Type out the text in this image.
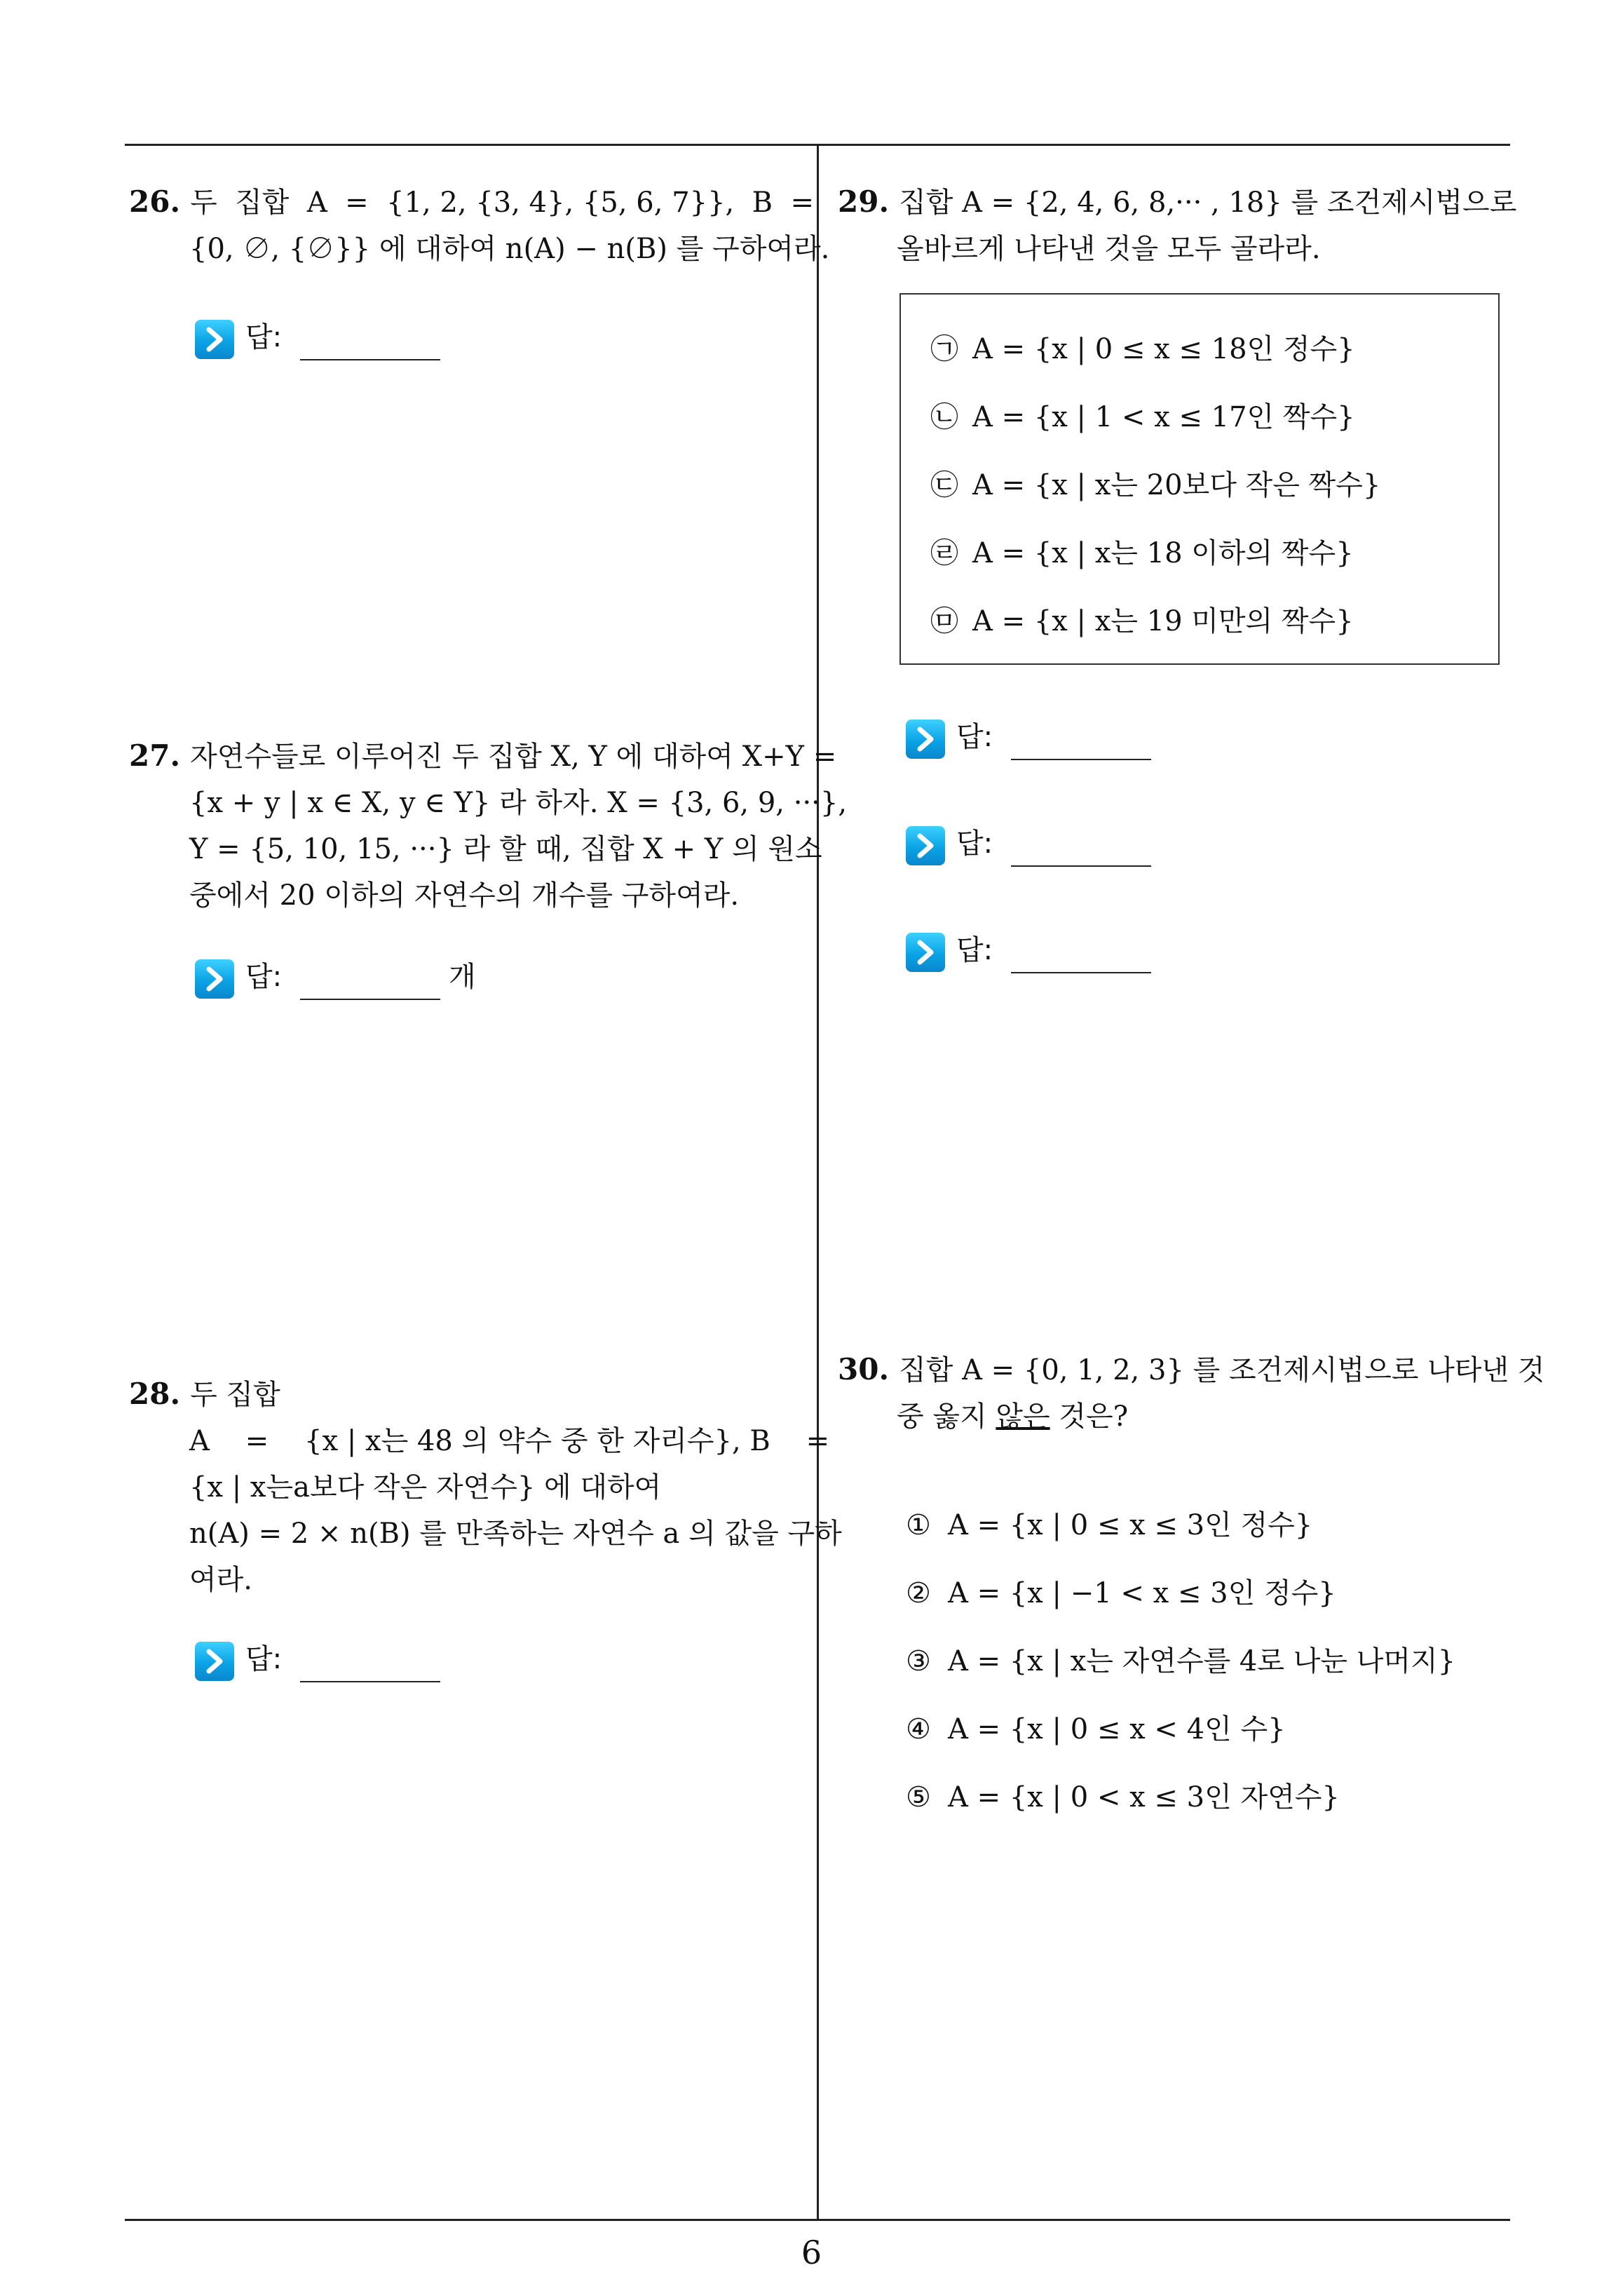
26. 두  집합  A  =  {1, 2, {3, 4}, {5, 6, 7}},  B  =
{0, ∅, {∅}} 에 대하여 n(A) − n(B) 를 구하여라.
답:
27. 자연수들로 이루어진 두 집합 X, Y 에 대하여 X+Y =
{x + y | x ∈ X, y ∈ Y} 라 하자. X = {3, 6, 9, ···},
Y = {5, 10, 15, ···} 라 할 때, 집합 X + Y 의 원소
중에서 20 이하의 자연수의 개수를 구하여라.
답:	개
28. 두 집합
A    =    {x | x는 48 의 약수 중 한 자리수}, B    =
{x | x는a보다 작은 자연수} 에 대하여
n(A) = 2 × n(B) 를 만족하는 자연수 a 의 값을 구하
여라.
답:
29. 집합 A = {2, 4, 6, 8,··· , 18} 를 조건제시법으로
올바르게 나타낸 것을 모두 골라라.
㉠ A = {x | 0 ≤ x ≤ 18인 정수}
㉡ A = {x | 1 < x ≤ 17인 짝수}
㉢ A = {x | x는 20보다 작은 짝수}
㉣ A = {x | x는 18 이하의 짝수}
㉤ A = {x | x는 19 미만의 짝수}
답:
답:
답:
30. 집합 A = {0, 1, 2, 3} 를 조건제시법으로 나타낸 것
중 옳지 않은 것은?
① A = {x | 0 ≤ x ≤ 3인 정수}
② A = {x | −1 < x ≤ 3인 정수}
③ A = {x | x는 자연수를 4로 나눈 나머지}
④ A = {x | 0 ≤ x < 4인 수}
⑤ A = {x | 0 < x ≤ 3인 자연수}
6
